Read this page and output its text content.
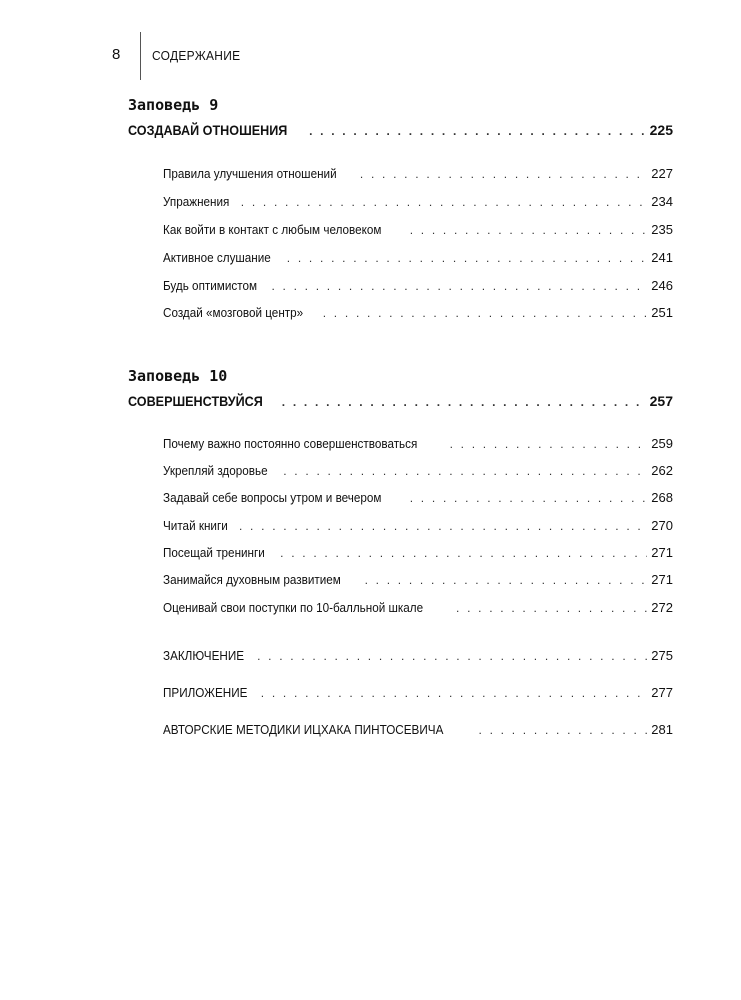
8 СОДЕРЖАНИЕ
Заповедь 9
СОЗДАВАЙ ОТНОШЕНИЯ . . .	225
Правила улучшения отношений . . .	227
Упражнения . . .	234
Как войти в контакт с любым человеком . . .	235
Активное слушание . . .	241
Будь оптимистом . . .	246
Создай «мозговой центр» . . .	251
Заповедь 10
СОВЕРШЕНСТВУЙСЯ . . .	257
Почему важно постоянно совершенствоваться . . .	259
Укрепляй здоровье . . .	262
Задавай себе вопросы утром и вечером . . .	268
Читай книги . . .	270
Посещай тренинги . . .	271
Занимайся духовным развитием . . .	271
Оценивай свои поступки по 10-балльной шкале . . .	272
ЗАКЛЮЧЕНИЕ . . .	275
ПРИЛОЖЕНИЕ . . .	277
АВТОРСКИЕ МЕТОДИКИ ИЦХАКА ПИНТОСЕВИЧА . . .	281
